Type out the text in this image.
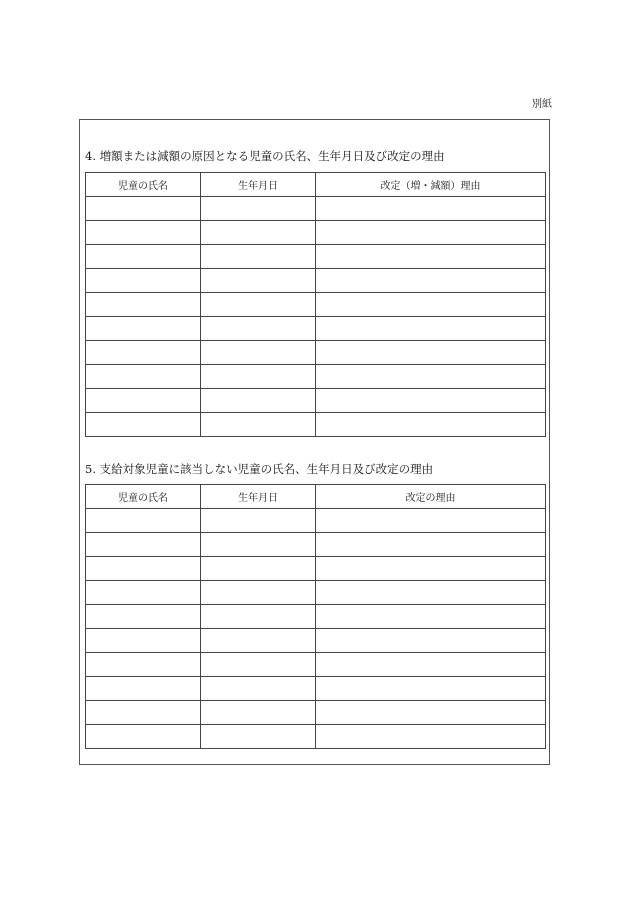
別紙
4. 増額または減額の原因となる児童の氏名、生年月日及び改定の理由
児童の氏名	生年月日	改定（増・減額）理由

5. 支給対象児童に該当しない児童の氏名、生年月日及び改定の理由
児童の氏名	生年月日	改定の理由
